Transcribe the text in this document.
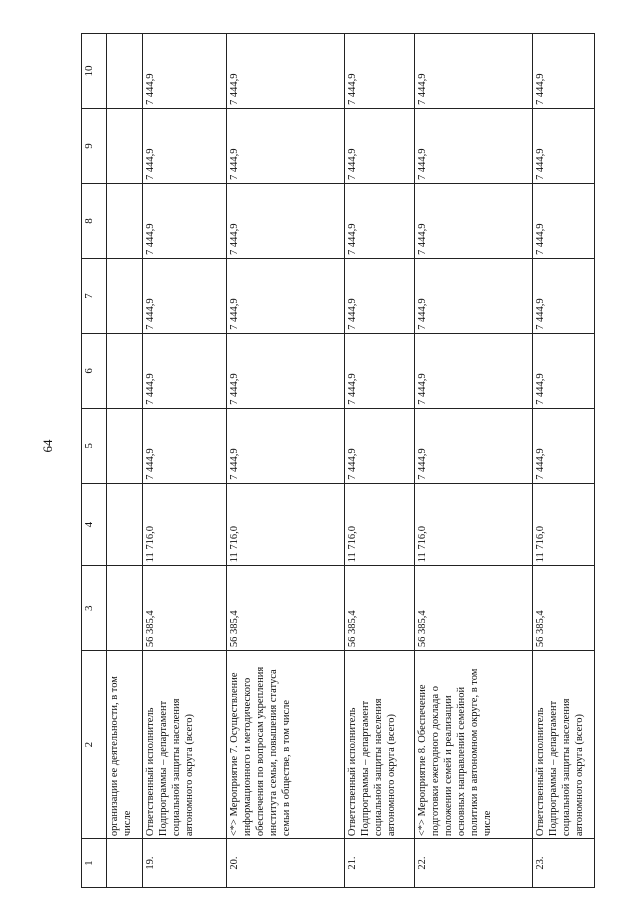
64
1	2	3	4	5	6	7	8	9	10
	организации ее деятельности, в том числе								
19.	Ответственный исполнитель Подпрограммы – департамент социальной защиты населения автономного округа (всего)	56 385,4	11 716,0	7 444,9	7 444,9	7 444,9	7 444,9	7 444,9	7 444,9
20.	<*> Мероприятие 7. Осуществление информационного и методического обеспечения по вопросам укрепления института семьи, повышения статуса семьи в обществе, в том числе	56 385,4	11 716,0	7 444,9	7 444,9	7 444,9	7 444,9	7 444,9	7 444,9
21.	Ответственный исполнитель Подпрограммы – департамент социальной защиты населения автономного округа (всего)	56 385,4	11 716,0	7 444,9	7 444,9	7 444,9	7 444,9	7 444,9	7 444,9
22.	<*> Мероприятие 8. Обеспечение подготовки ежегодного доклада о положении семей и реализации основных направлений семейной политики в автономном округе, в том числе	56 385,4	11 716,0	7 444,9	7 444,9	7 444,9	7 444,9	7 444,9	7 444,9
23.	Ответственный исполнитель Подпрограммы – департамент социальной защиты населения автономного округа (всего)	56 385,4	11 716,0	7 444,9	7 444,9	7 444,9	7 444,9	7 444,9	7 444,9
